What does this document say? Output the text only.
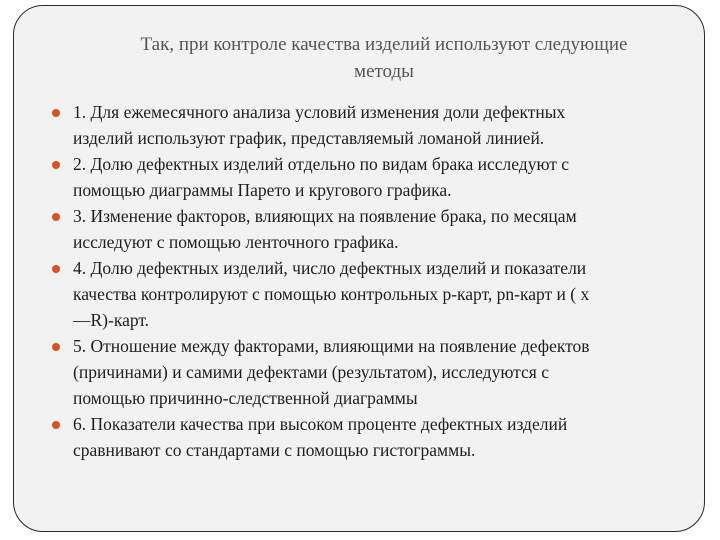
Так, при контроле качества изделий используют следующие
методы
1. Для ежемесячного анализа условий изменения доли дефектных
изделий используют график, представляемый ломаной линией.
2. Долю дефектных изделий отдельно по видам брака исследуют с
помощью диаграммы Парето и кругового графика.
3. Изменение факторов, влияющих на появление брака, по месяцам
исследуют с помощью ленточного графика.
4. Долю дефектных изделий, число дефектных изделий и показатели
качества контролируют с помощью контрольных р-карт, pn-карт и ( х
—R)-карт.
5. Отношение между факторами, влияющими на появление дефектов
(причинами) и самими дефектами (результатом), исследуются с
помощью причинно-следственной диаграммы
6. Показатели качества при высоком проценте дефектных изделий
сравнивают со стандартами с помощью гистограммы.
